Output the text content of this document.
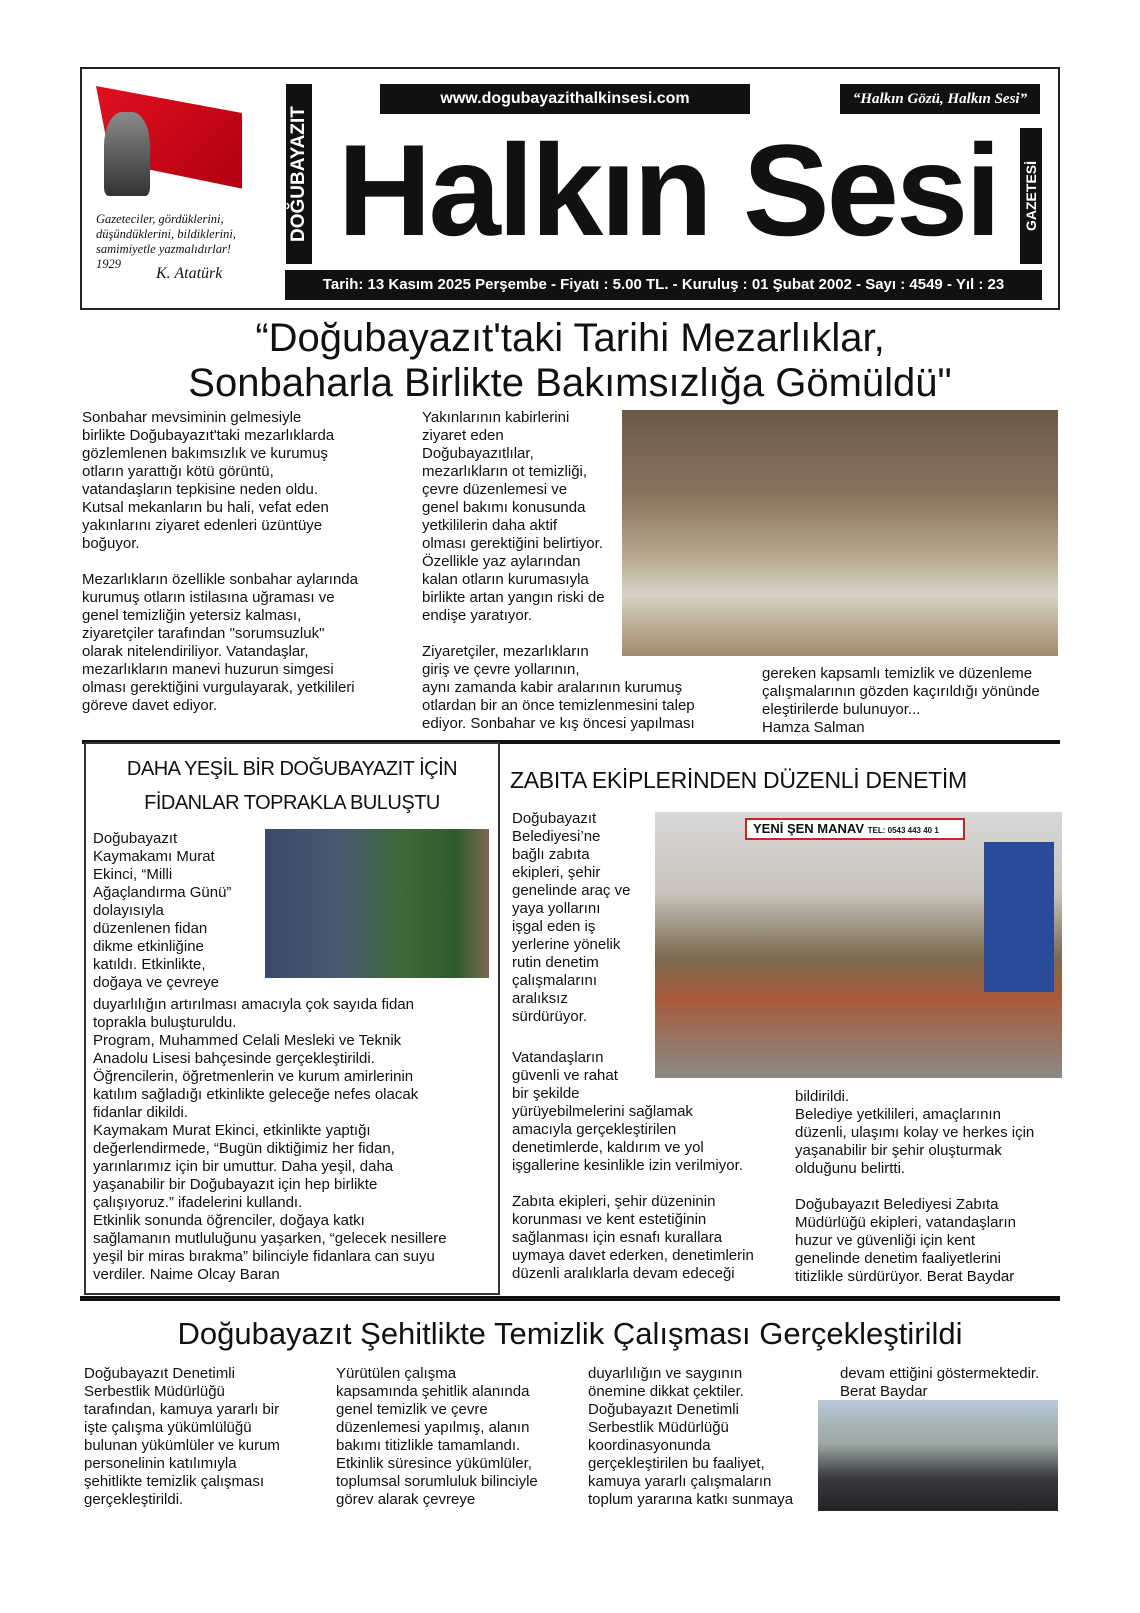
Gazeteciler, gördüklerini,
düşündüklerini, bildiklerini,
samimiyetle yazmalıdırlar!
1929
K. Atatürk
DOĞUBAYAZIT Halkın Sesi
www.dogubayazithalkinsesi.com	“Halkın Gözü, Halkın Sesi”
GAZETESİ
Tarih: 13 Kasım 2025 Perşembe - Fiyatı : 5.00 TL. - Kuruluş : 01 Şubat 2002 - Sayı : 4549 - Yıl : 23
“Doğubayazıt'taki Tarihi Mezarlıklar,
Sonbaharla Birlikte Bakımsızlığa Gömüldü"
Sonbahar mevsiminin gelmesiyle
birlikte Doğubayazıt'taki mezarlıklarda
gözlemlenen bakımsızlık ve kurumuş
otların yarattığı kötü görüntü,
vatandaşların tepkisine neden oldu.
Kutsal mekanların bu hali, vefat eden
yakınlarını ziyaret edenleri üzüntüye
boğuyor.

Mezarlıkların özellikle sonbahar aylarında
kurumuş otların istilasına uğraması ve
genel temizliğin yetersiz kalması,
ziyaretçiler tarafından "sorumsuzluk"
olarak nitelendiriliyor. Vatandaşlar,
mezarlıkların manevi huzurun simgesi
olması gerektiğini vurgulayarak, yetkilileri
göreve davet ediyor.
Yakınlarının kabirlerini
ziyaret eden
Doğubayazıtlılar,
mezarlıkların ot temizliği,
çevre düzenlemesi ve
genel bakımı konusunda
yetkililerin daha aktif
olması gerektiğini belirtiyor.
Özellikle yaz aylarından
kalan otların kurumasıyla
birlikte artan yangın riski de
endişe yaratıyor.

Ziyaretçiler, mezarlıkların
giriş ve çevre yollarının,
aynı zamanda kabir aralarının kurumuş
otlardan bir an önce temizlenmesini talep
ediyor. Sonbahar ve kış öncesi yapılması
gereken kapsamlı temizlik ve düzenleme
çalışmalarının gözden kaçırıldığı yönünde
eleştirilerde bulunuyor...
Hamza Salman
DAHA YEŞİL BİR DOĞUBAYAZIT İÇİN
FİDANLAR TOPRAKLA BULUŞTU
Doğubayazıt
Kaymakamı Murat
Ekinci, “Milli
Ağaçlandırma Günü”
dolayısıyla
düzenlenen fidan
dikme etkinliğine
katıldı. Etkinlikte,
doğaya ve çevreye
duyarlılığın artırılması amacıyla çok sayıda fidan
toprakla buluşturuldu.
Program, Muhammed Celali Mesleki ve Teknik
Anadolu Lisesi bahçesinde gerçekleştirildi.
Öğrencilerin, öğretmenlerin ve kurum amirlerinin
katılım sağladığı etkinlikte geleceğe nefes olacak
fidanlar dikildi.
Kaymakam Murat Ekinci, etkinlikte yaptığı
değerlendirmede, “Bugün diktiğimiz her fidan,
yarınlarımız için bir umuttur. Daha yeşil, daha
yaşanabilir bir Doğubayazıt için hep birlikte
çalışıyoruz.” ifadelerini kullandı.
Etkinlik sonunda öğrenciler, doğaya katkı
sağlamanın mutluluğunu yaşarken, “gelecek nesillere
yeşil bir miras bırakma” bilinciyle fidanlara can suyu
verdiler. Naime Olcay Baran
ZABITA EKİPLERİNDEN DÜZENLİ DENETİM
YENİ ŞEN MANAV TEL: 0543 443 40 1
Doğubayazıt
Belediyesi’ne
bağlı zabıta
ekipleri, şehir
genelinde araç ve
yaya yollarını
işgal eden iş
yerlerine yönelik
rutin denetim
çalışmalarını
aralıksız
sürdürüyor.
Vatandaşların
güvenli ve rahat
bir şekilde
yürüyebilmelerini sağlamak
amacıyla gerçekleştirilen
denetimlerde, kaldırım ve yol
işgallerine kesinlikle izin verilmiyor.

Zabıta ekipleri, şehir düzeninin
korunması ve kent estetiğinin
sağlanması için esnafı kurallara
uymaya davet ederken, denetimlerin
düzenli aralıklarla devam edeceği
bildirildi.
Belediye yetkilileri, amaçlarının
düzenli, ulaşımı kolay ve herkes için
yaşanabilir bir şehir oluşturmak
olduğunu belirtti.

Doğubayazıt Belediyesi Zabıta
Müdürlüğü ekipleri, vatandaşların
huzur ve güvenliği için kent
genelinde denetim faaliyetlerini
titizlikle sürdürüyor. Berat Baydar
Doğubayazıt Şehitlikte Temizlik Çalışması Gerçekleştirildi
Doğubayazıt Denetimli
Serbestlik Müdürlüğü
tarafından, kamuya yararlı bir
işte çalışma yükümlülüğü
bulunan yükümlüler ve kurum
personelinin katılımıyla
şehitlikte temizlik çalışması
gerçekleştirildi.
Yürütülen çalışma
kapsamında şehitlik alanında
genel temizlik ve çevre
düzenlemesi yapılmış, alanın
bakımı titizlikle tamamlandı.
Etkinlik süresince yükümlüler,
toplumsal sorumluluk bilinciyle
görev alarak çevreye
duyarlılığın ve saygının
önemine dikkat çektiler.
Doğubayazıt Denetimli
Serbestlik Müdürlüğü
koordinasyonunda
gerçekleştirilen bu faaliyet,
kamuya yararlı çalışmaların
toplum yararına katkı sunmaya
devam ettiğini göstermektedir.
Berat Baydar
